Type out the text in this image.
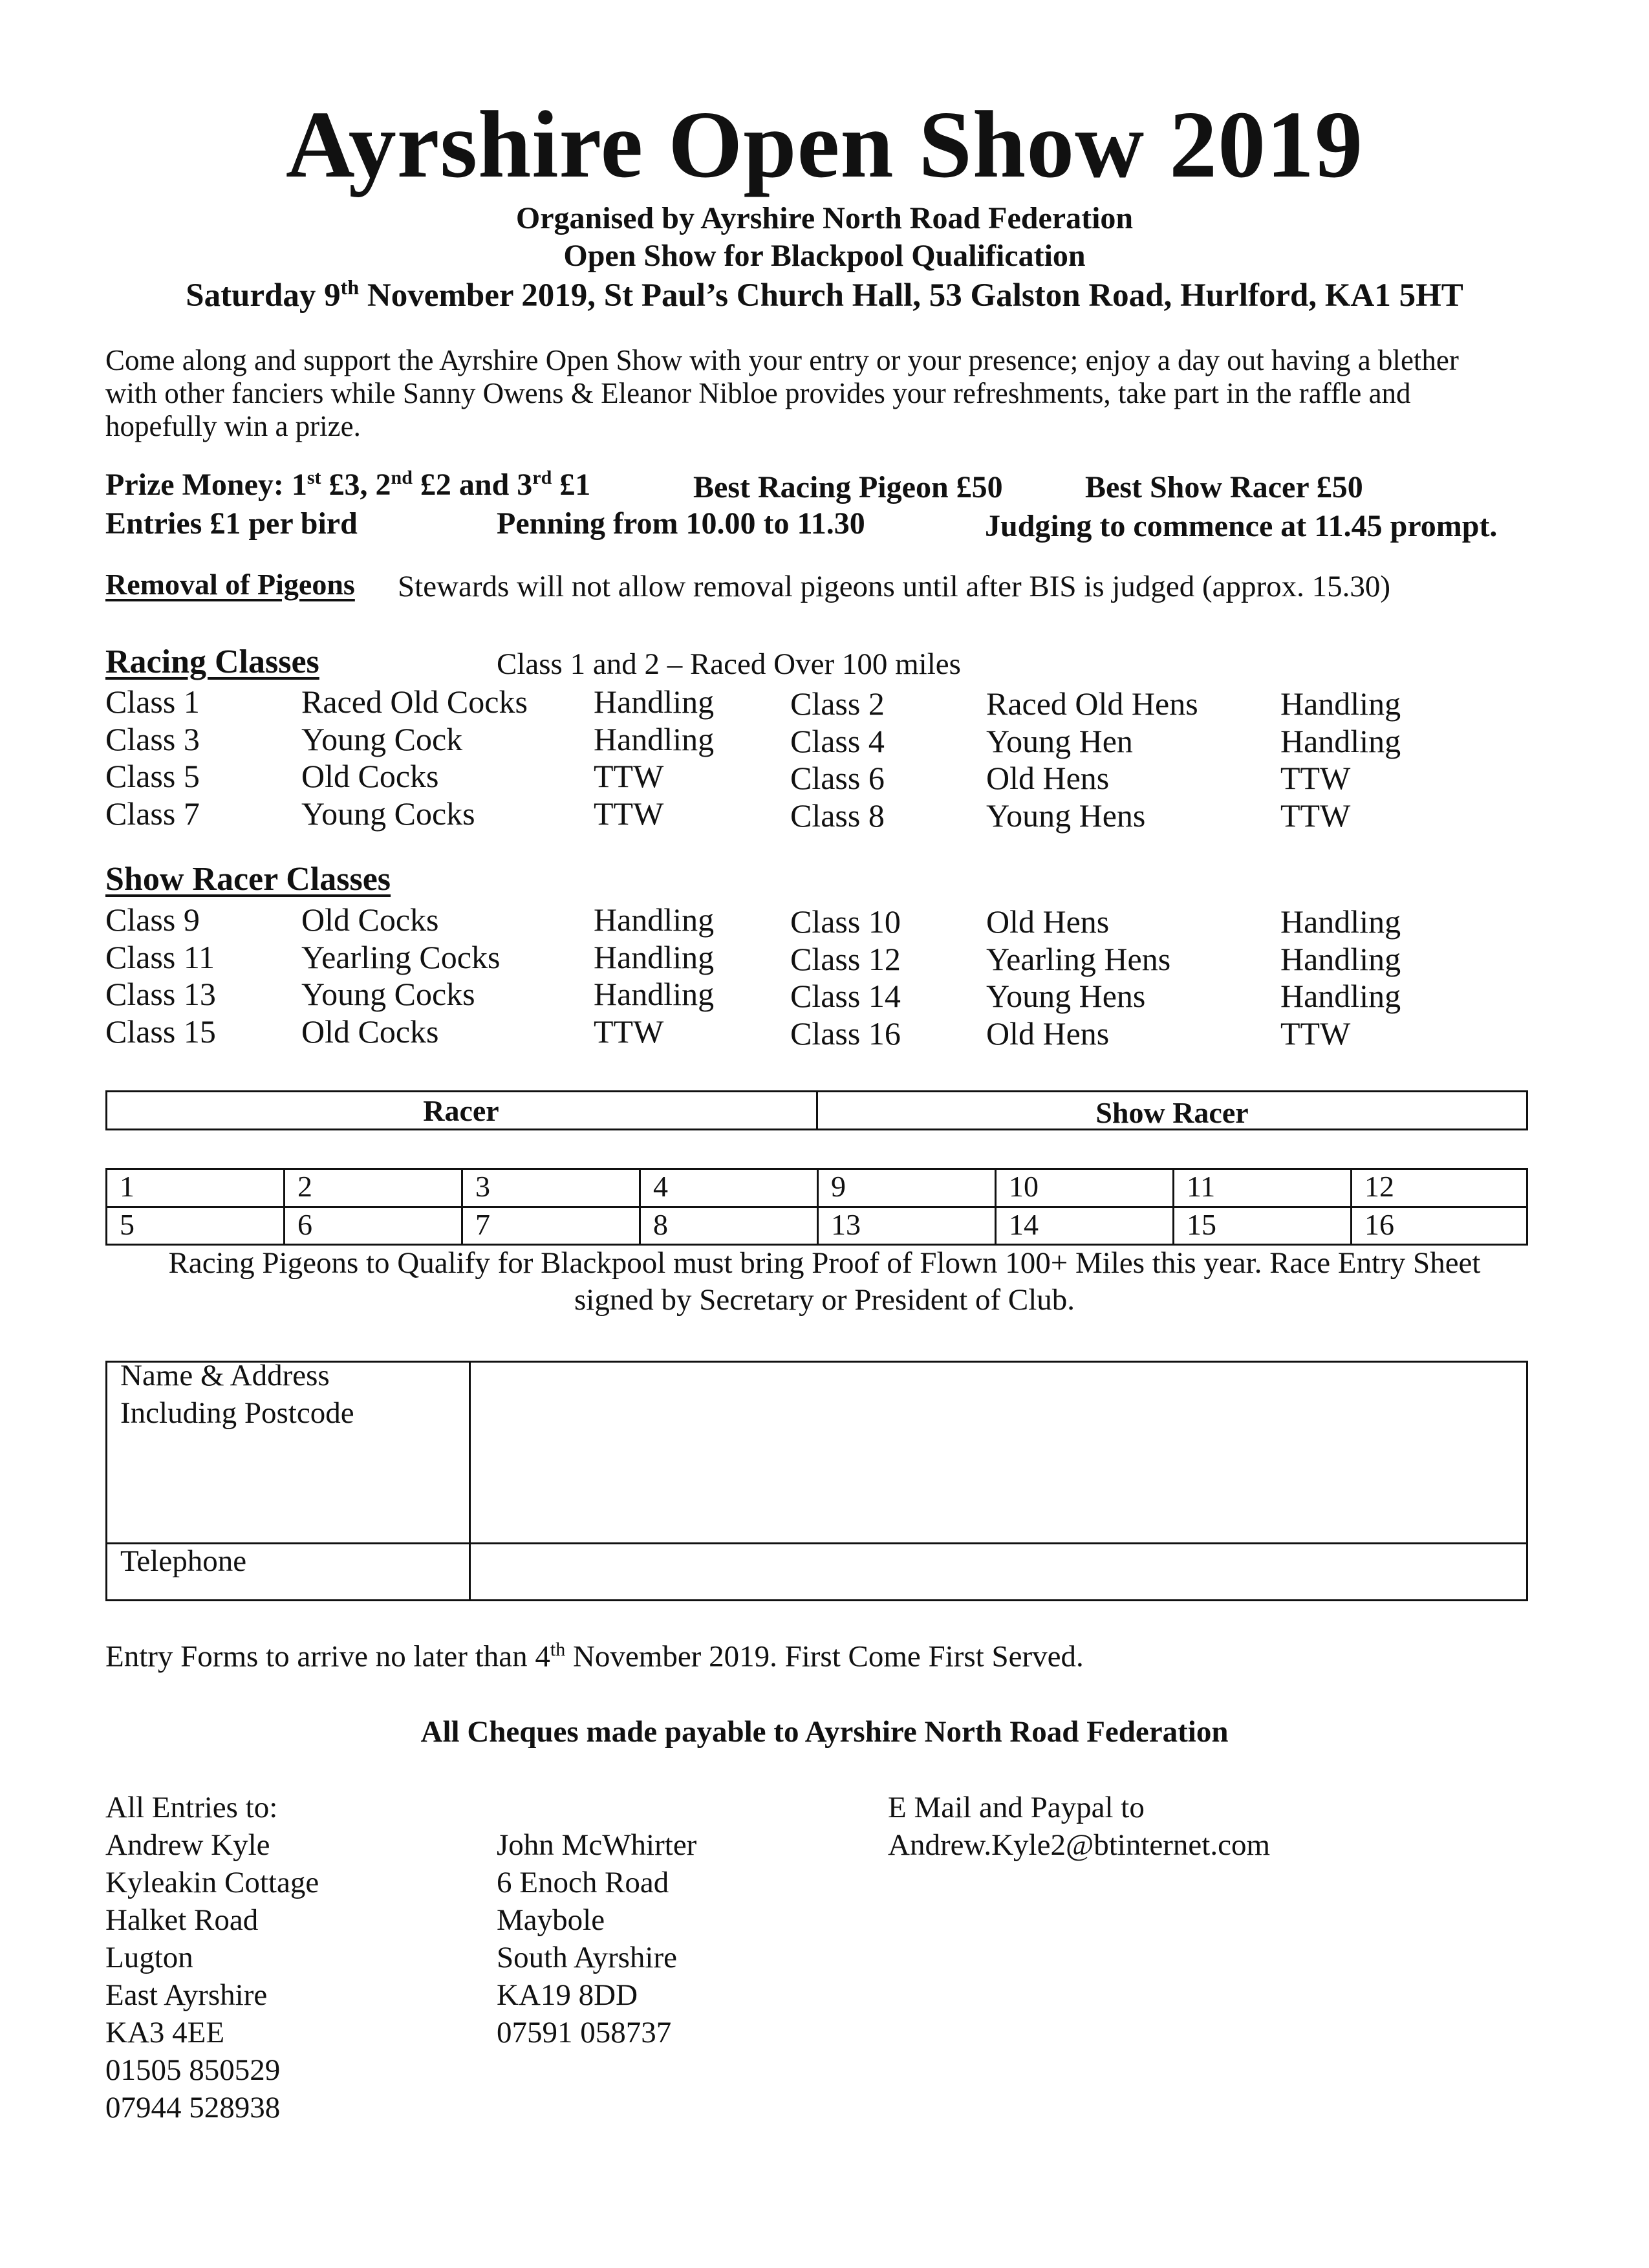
Ayrshire Open Show 2019
Organised by Ayrshire North Road Federation
Open Show for Blackpool Qualification
Saturday 9th November 2019, St Paul’s Church Hall, 53 Galston Road, Hurlford, KA1 5HT
Come along and support the Ayrshire Open Show with your entry or your presence; enjoy a day out having a blether
with other fanciers while Sanny Owens & Eleanor Nibloe provides your refreshments, take part in the raffle and
hopefully win a prize.
Prize Money: 1st £3, 2nd £2 and 3rd £1	Best Racing Pigeon £50	Best Show Racer £50
Entries £1 per bird	Penning from 10.00 to 11.30	Judging to commence at 11.45 prompt.
Removal of Pigeons Stewards will not allow removal pigeons until after BIS is judged (approx. 15.30)
Racing Classes	Class 1 and 2 – Raced Over 100 miles
Class 1	Raced Old Cocks Handling Class 2	Raced Old Hens	Handling
Class 3	Young Cock	Handling Class 4	Young Hen	Handling
Class 5	Old Cocks	TTW	Class 6	Old Hens	TTW
Class 7	Young Cocks	TTW	Class 8	Young Hens	TTW
Show Racer Classes
Class 9	Old Cocks	Handling Class 10	Old Hens	Handling
Class 11	Yearling Cocks	Handling Class 12	Yearling Hens	Handling
Class 13	Young Cocks	Handling Class 14	Young Hens	Handling
Class 15	Old Cocks	TTW	Class 16	Old Hens	TTW
Racer	Show Racer
1	2	3	4	9	10	11	12
5	6	7	8	13	14	15	16
Racing Pigeons to Qualify for Blackpool must bring Proof of Flown 100+ Miles this year. Race Entry Sheet
signed by Secretary or President of Club.
Name & Address
Including Postcode
Telephone
Entry Forms to arrive no later than 4th November 2019. First Come First Served.
All Cheques made payable to Ayrshire North Road Federation
All Entries to:
Andrew Kyle
Kyleakin Cottage
Halket Road
Lugton
East Ayrshire
KA3 4EE
01505 850529
07944 528938
John McWhirter
6 Enoch Road
Maybole
South Ayrshire
KA19 8DD
07591 058737
E Mail and Paypal to
Andrew.Kyle2@btinternet.com
